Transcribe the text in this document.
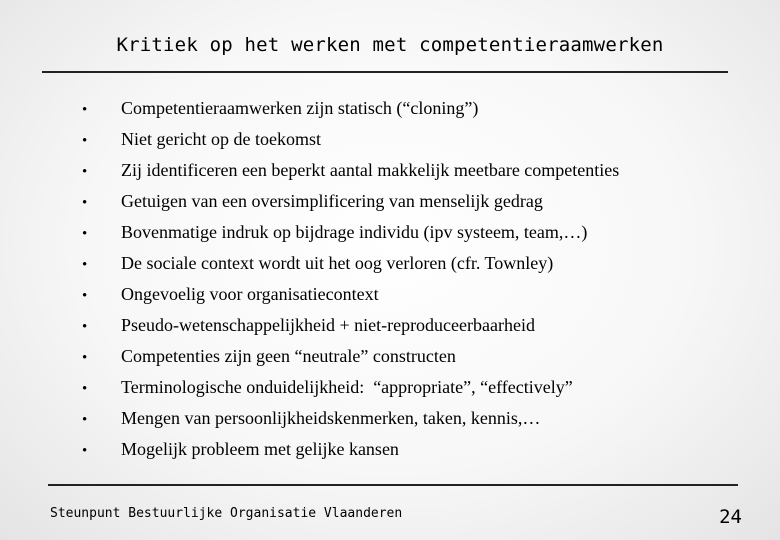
Kritiek op het werken met competentieraamwerken
•	Competentieraamwerken zijn statisch (“cloning”)
•	Niet gericht op de toekomst
•	Zij identificeren een beperkt aantal makkelijk meetbare competenties
•	Getuigen van een oversimplificering van menselijk gedrag
•	Bovenmatige indruk op bijdrage individu (ipv systeem, team,…)
•	De sociale context wordt uit het oog verloren (cfr. Townley)
•	Ongevoelig voor organisatiecontext
•	Pseudo-wetenschappelijkheid + niet-reproduceerbaarheid
•	Competenties zijn geen “neutrale” constructen
•	Terminologische onduidelijkheid:  “appropriate”, “effectively”
•	Mengen van persoonlijkheidskenmerken, taken, kennis,…
•	Mogelijk probleem met gelijke kansen
Steunpunt Bestuurlijke Organisatie Vlaanderen	24
